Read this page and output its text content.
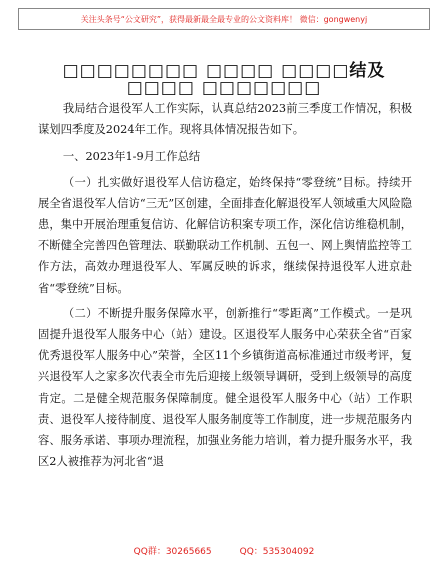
关注头条号“公文研究”，获得最新最全最专业的公文资料库！ 微信：gongwenyj
□□□□□□□□ □□□□ □□□□结及
□□□□ □□□□□□□

我局结合退役军人工作实际，认真总结2023前三季度工作情况，积极谋划四季度及2024年工作。现将具体情况报告如下。

一、2023年1-9月工作总结

（一）扎实做好退役军人信访稳定，始终保持“零登统”目标。持续开展全省退役军人信访“三无”区创建，全面排查化解退役军人领域重大风险隐患，集中开展治理重复信访、化解信访积案专项工作，深化信访维稳机制，不断健全完善四色管理法、联勤联动工作机制、五包一、网上舆情监控等工作方法，高效办理退役军人、军属反映的诉求，继续保持退役军人进京赴省“零登统”目标。

（二）不断提升服务保障水平，创新推行“零距离”工作模式。一是巩固提升退役军人服务中心（站）建设。区退役军人服务中心荣获全省“百家优秀退役军人服务中心”荣誉，全区11个乡镇街道高标准通过市级考评，复兴退役军人之家多次代表全市先后迎接上级领导调研，受到上级领导的高度肯定。二是健全规范服务保障制度。健全退役军人服务中心（站）工作职责、退役军人接待制度、退役军人服务制度等工作制度，进一步规范服务内容、服务承诺、事项办理流程，加强业务能力培训，着力提升服务水平，我区2人被推荐为河北省“退

QQ群：30265665	QQ：535304092
